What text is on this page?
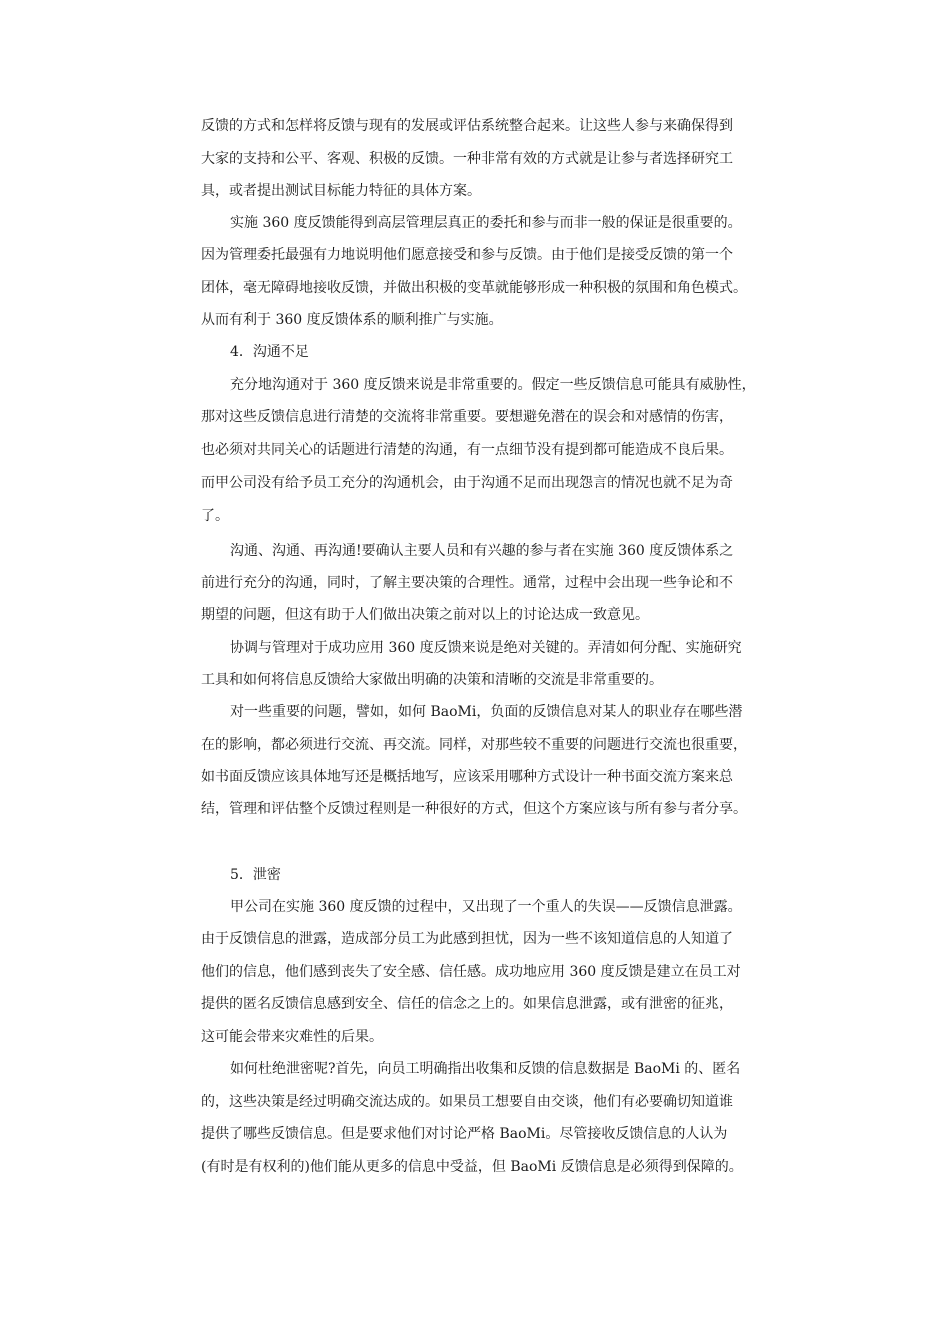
反馈的方式和怎样将反馈与现有的发展或评估系统整合起来。让这些人参与来确保得到
大家的支持和公平、客观、积极的反馈。一种非常有效的方式就是让参与者选择研究工
具，或者提出测试目标能力特征的具体方案。
实施 360 度反馈能得到高层管理层真正的委托和参与而非一般的保证是很重要的。
因为管理委托最强有力地说明他们愿意接受和参与反馈。由于他们是接受反馈的第一个
团体，毫无障碍地接收反馈，并做出积极的变革就能够形成一种积极的氛围和角色模式。
从而有利于 360 度反馈体系的顺利推广与实施。
4．沟通不足
充分地沟通对于 360 度反馈来说是非常重要的。假定一些反馈信息可能具有威胁性，
那对这些反馈信息进行清楚的交流将非常重要。要想避免潜在的误会和对感情的伤害，
也必须对共同关心的话题进行清楚的沟通，有一点细节没有提到都可能造成不良后果。
而甲公司没有给予员工充分的沟通机会，由于沟通不足而出现怨言的情况也就不足为奇
了。
沟通、沟通、再沟通!要确认主要人员和有兴趣的参与者在实施 360 度反馈体系之
前进行充分的沟通，同时，了解主要决策的合理性。通常，过程中会出现一些争论和不
期望的问题，但这有助于人们做出决策之前对以上的讨论达成一致意见。
协调与管理对于成功应用 360 度反馈来说是绝对关键的。弄清如何分配、实施研究
工具和如何将信息反馈给大家做出明确的决策和清晰的交流是非常重要的。
对一些重要的问题，譬如，如何 BaoMi，负面的反馈信息对某人的职业存在哪些潜
在的影响，都必须进行交流、再交流。同样，对那些较不重要的问题进行交流也很重要，
如书面反馈应该具体地写还是概括地写，应该采用哪种方式设计一种书面交流方案来总
结，管理和评估整个反馈过程则是一种很好的方式，但这个方案应该与所有参与者分享。
5．泄密
甲公司在实施 360 度反馈的过程中，又出现了一个重人的失误——反馈信息泄露。
由于反馈信息的泄露，造成部分员工为此感到担忧，因为一些不该知道信息的人知道了
他们的信息，他们感到丧失了安全感、信任感。成功地应用 360 度反馈是建立在员工对
提供的匿名反馈信息感到安全、信任的信念之上的。如果信息泄露，或有泄密的征兆，
这可能会带来灾难性的后果。
如何杜绝泄密呢?首先，向员工明确指出收集和反馈的信息数据是 BaoMi 的、匿名
的，这些决策是经过明确交流达成的。如果员工想要自由交谈，他们有必要确切知道谁
提供了哪些反馈信息。但是要求他们对讨论严格 BaoMi。尽管接收反馈信息的人认为
(有时是有权利的)他们能从更多的信息中受益，但 BaoMi 反馈信息是必须得到保障的。
